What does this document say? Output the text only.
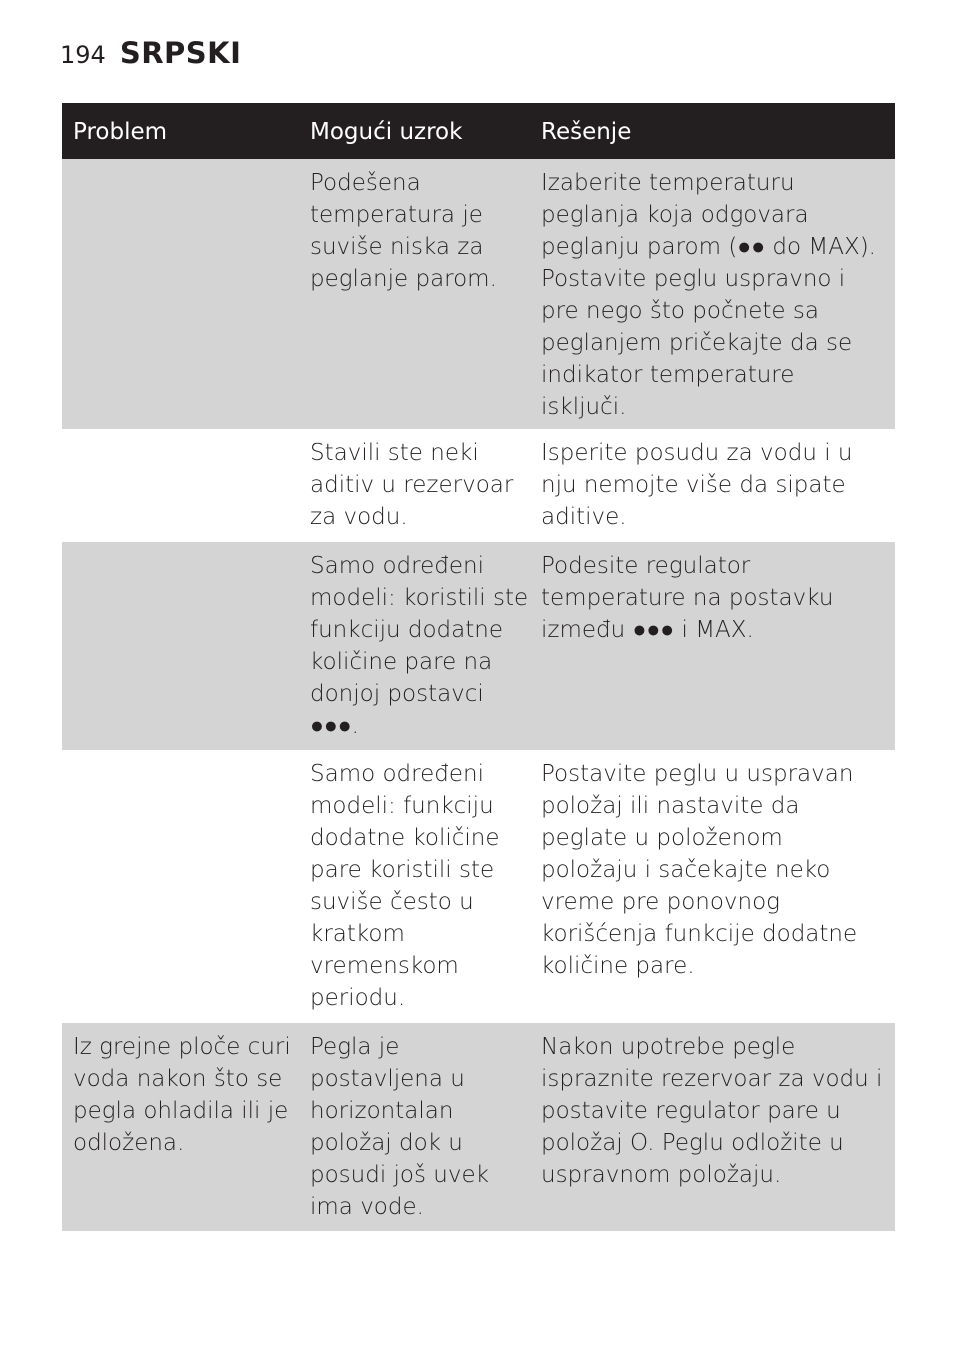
194 SRPSKI
Problem	Mogući uzrok	Rešenje
Podešena temperatura je suviše niska za peglanje parom.
Izaberite temperaturu peglanja koja odgovara peglanju parom (●● do MAX). Postavite peglu uspravno i pre nego što počnete sa peglanjem pričekajte da se indikator temperature isključi.
Stavili ste neki aditiv u rezervoar za vodu.
Isperite posudu za vodu i u nju nemojte više da sipate aditive.
Samo određeni modeli: koristili ste funkciju dodatne količine pare na donjoj postavci ●●●.
Podesite regulator temperature na postavku između ●●● i MAX.
Samo određeni modeli: funkciju dodatne količine pare koristili ste suviše često u kratkom vremenskom periodu.
Postavite peglu u uspravan položaj ili nastavite da peglate u položenom položaju i sačekajte neko vreme pre ponovnog korišćenja funkcije dodatne količine pare.
Iz grejne ploče curi voda nakon što se pegla ohladila ili je odložena.
Pegla je postavljena u horizontalan položaj dok u posudi još uvek ima vode.
Nakon upotrebe pegle ispraznite rezervoar za vodu i postavite regulator pare u položaj O. Peglu odložite u uspravnom položaju.
